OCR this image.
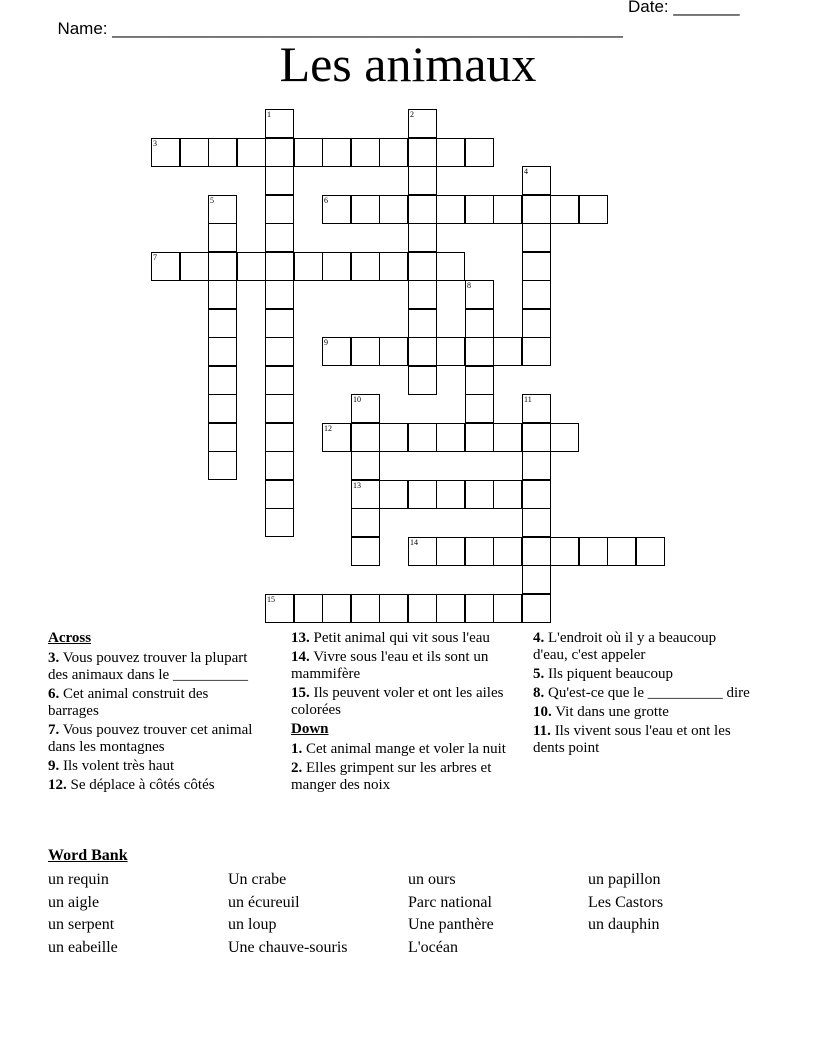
Name: ______________________________________________________

Date: _______

Les animaux
1	2
3
4
5	6
7
8
9
10
13
11
12
14
15
Across
3. Vous pouvez trouver la plupart des animaux dans le __________
6. Cet animal construit des barrages
7. Vous pouvez trouver cet animal dans les montagnes
9. Ils volent très haut
12. Se déplace à côtés côtés
13. Petit animal qui vit sous l'eau
14. Vivre sous l'eau et ils sont un mammifère
15. Ils peuvent voler et ont les ailes colorées
Down
1. Cet animal mange et voler la nuit
2. Elles grimpent sur les arbres et manger des noix
4. L'endroit où il y a beaucoup d'eau, c'est appeler
5. Ils piquent beaucoup
8. Qu'est-ce que le __________ dire
10. Vit dans une grotte
11. Ils vivent sous l'eau et ont les dents point
Word Bank
un requin
un aigle
un serpent
un eabeille
Un crabe
un écureuil
un loup
Une chauve-souris
un ours
Parc national
Une panthère
L'océan
un papillon
Les Castors
un dauphin
